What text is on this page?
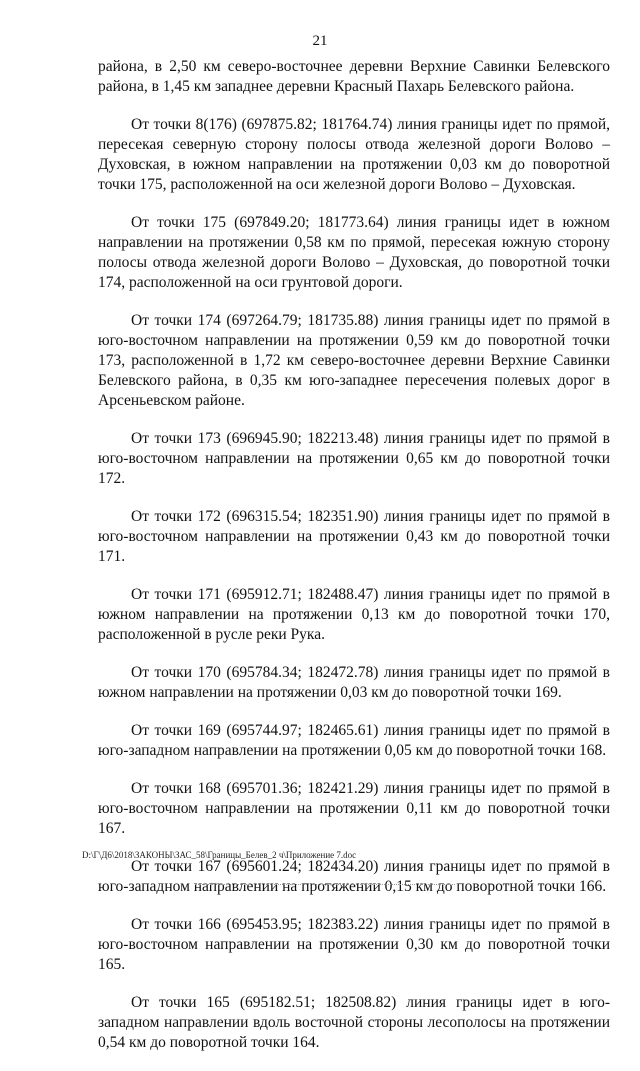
21

района, в 2,50 км северо-восточнее деревни Верхние Савинки Белевского района, в 1,45 км западнее деревни Красный Пахарь Белевского района.

От точки 8(176) (697875.82; 181764.74) линия границы идет по прямой, пересекая северную сторону полосы отвода железной дороги Волово – Духовская, в южном направлении на протяжении 0,03 км до поворотной точки 175, расположенной на оси железной дороги Волово – Духовская.

От точки 175 (697849.20; 181773.64) линия границы идет в южном направлении на протяжении 0,58 км по прямой, пересекая южную сторону полосы отвода железной дороги Волово – Духовская, до поворотной точки 174, расположенной на оси грунтовой дороги.

От точки 174 (697264.79; 181735.88) линия границы идет по прямой в юго-восточном направлении на протяжении 0,59 км до поворотной точки 173, расположенной в 1,72 км северо-восточнее деревни Верхние Савинки Белевского района, в 0,35 км юго-западнее пересечения полевых дорог в Арсеньевском районе.

От точки 173 (696945.90; 182213.48) линия границы идет по прямой в юго-восточном направлении на протяжении 0,65 км до поворотной точки 172.

От точки 172 (696315.54; 182351.90) линия границы идет по прямой в юго-восточном направлении на протяжении 0,43 км до поворотной точки 171.

От точки 171 (695912.71; 182488.47) линия границы идет по прямой в южном направлении на протяжении 0,13 км до поворотной точки 170, расположенной в русле реки Рука.

От точки 170 (695784.34; 182472.78) линия границы идет по прямой в южном направлении на протяжении 0,03 км до поворотной точки 169.

От точки 169 (695744.97; 182465.61) линия границы идет по прямой в юго-западном направлении на протяжении 0,05 км до поворотной точки 168.

От точки 168 (695701.36; 182421.29) линия границы идет по прямой в юго-восточном направлении на протяжении 0,11 км до поворотной точки 167.

От точки 167 (695601.24; 182434.20) линия границы идет по прямой в юго-западном направлении на протяжении 0,15 км до поворотной точки 166.

От точки 166 (695453.95; 182383.22) линия границы идет по прямой в юго-восточном направлении на протяжении 0,30 км до поворотной точки 165.

От точки 165 (695182.51; 182508.82) линия границы идет в юго-западном направлении вдоль восточной стороны лесополосы на протяжении 0,54 км до поворотной точки 164.

D:\Г\Д6\2018\ЗАКОНЫ\ЗАС_58\Границы_Белев_2 ч\Приложение 7.doc
